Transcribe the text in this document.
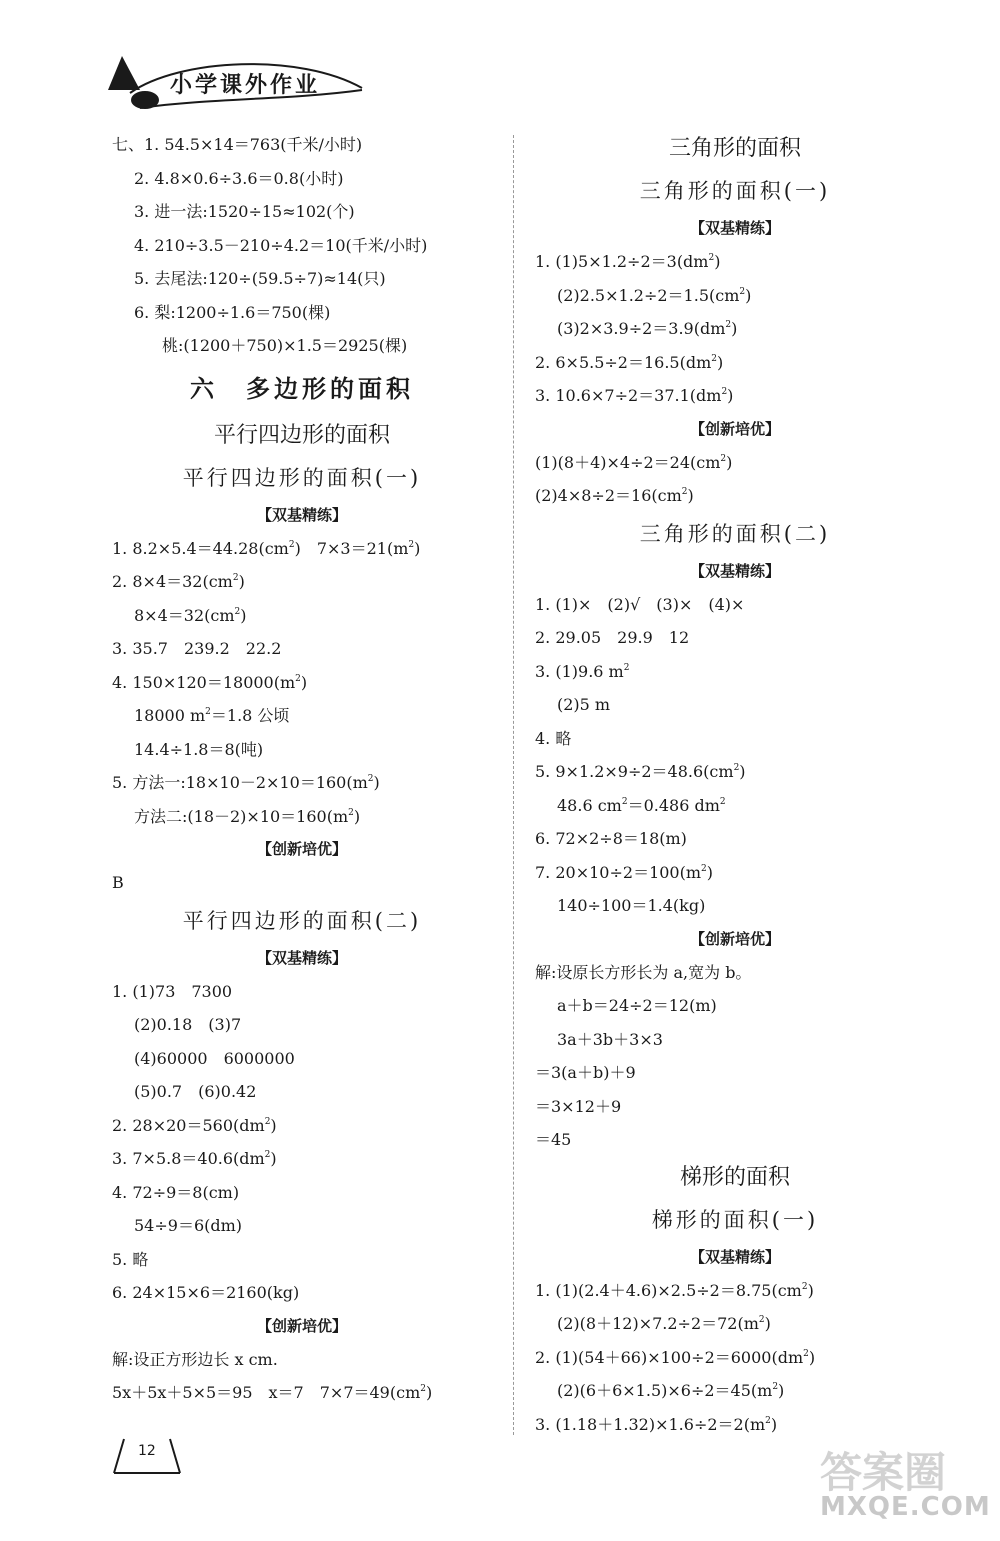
小学课外作业
七、1. 54.5×14＝763(千米/小时)
2. 4.8×0.6÷3.6＝0.8(小时)
3. 进一法:1520÷15≈102(个)
4. 210÷3.5－210÷4.2＝10(千米/小时)
5. 去尾法:120÷(59.5÷7)≈14(只)
6. 梨:1200÷1.6＝750(棵)
桃:(1200＋750)×1.5＝2925(棵)
六　多边形的面积
平行四边形的面积
平行四边形的面积(一)
【双基精练】
1. $8.2\times 5.4=44.28(cm^2)$　$7\times 3=21(m^2)$
2. $8\times 4=32(cm^2)$
$8\times 4=32(cm^2)$
3. 35.7　239.2　22.2
4. $150\times 120=18000(m^2)$
18000 $m^2=1.8$ 公顷
14.4÷1.8＝8(吨)
5. 方法一$:18\times 10-2\times 10=160(m^2)$
方法二$:(18-2)\times 10=160(m^2)$
【创新培优】
B
平行四边形的面积(二)
【双基精练】
1. (1)73　7300
(2)0.18　(3)7
(4)60000　6000000
(5)0.7　(6)0.42
2. $28\times 20=560(dm^2)$
3. $7\times 5.8=40.6(dm^2)$
4. 72÷9＝8(cm)
54÷9＝6(dm)
5. 略
6. 24×15×6＝2160(kg)
【创新培优】
解:设正方形边长 x cm.
5x＋5x＋5×5＝95　x＝7　$7\times 7=49(cm^2)$
三角形的面积
三角形的面积(一)
【双基精练】
1. $(1)5\times 1.2\div 2=3(dm^2)$
$(2)2.5\times 1.2\div 2=1.5(cm^2)$
$(3)2\times 3.9\div 2=3.9(dm^2)$
2. $6\times 5.5\div 2=16.5(dm^2)$
3. $10.6\times 7\div 2=37.1(dm^2)$
【创新培优】
$(1)(8+4)\times 4\div 2=24(cm^2)$
$(2)4\times 8\div 2=16(cm^2)$
三角形的面积(二)
【双基精练】
1. (1)×　(2)√　(3)×　(4)×
2. 29.05　29.9　12
3. (1)9.6 $m^2$
(2)5 m
4. 略
5. $9\times 1.2\times 9\div 2=48.6(cm^2)$
48.6 $cm^2=0.486$ $dm^2$
6. 72×2÷8＝18(m)
7. $20\times 10\div 2=100(m^2)$
140÷100＝1.4(kg)
【创新培优】
解:设原长方形长为 a,宽为 b。
a＋b＝24÷2＝12(m)
3a＋3b＋3×3
＝3(a＋b)＋9
＝3×12＋9
＝45
梯形的面积
梯形的面积(一)
【双基精练】
1. $(1)(2.4+4.6)\times 2.5\div 2=8.75(cm^2)$
$(2)(8+12)\times 7.2\div 2=72(m^2)$
2. $(1)(54+66)\times 100\div 2=6000(dm^2)$
$(2)(6+6\times 1.5)\times 6\div 2=45(m^2)$
3. $(1.18+1.32)\times 1.6\div 2=2(m^2)$
12	答案圈
MXQE.COM
